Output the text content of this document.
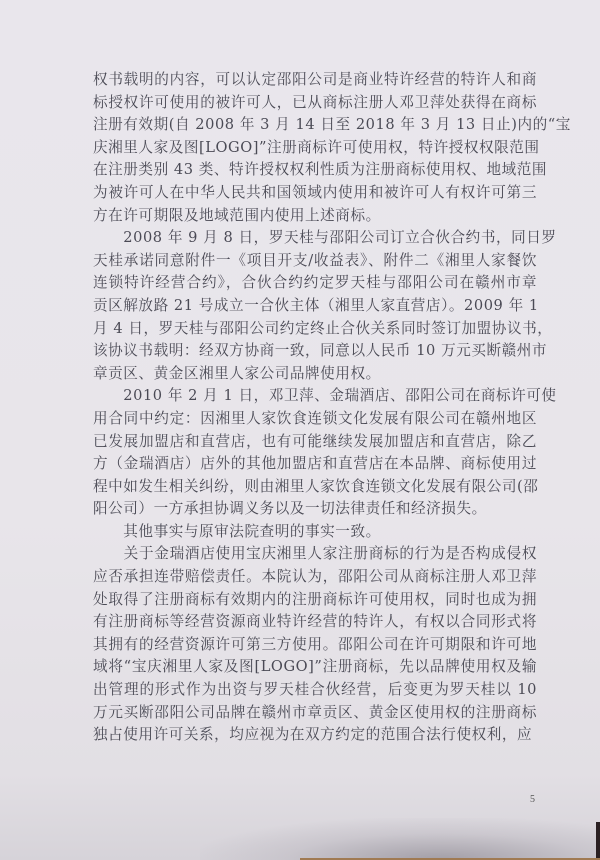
权书载明的内容，可以认定邵阳公司是商业特许经营的特许人和商
标授权许可使用的被许可人，已从商标注册人邓卫萍处获得在商标
注册有效期(自 2008 年 3 月 14 日至 2018 年 3 月 13 日止)内的“宝
庆湘里人家及图[LOGO]”注册商标许可使用权，特许授权权限范围
在注册类别 43 类、特许授权权利性质为注册商标使用权、地域范围
为被许可人在中华人民共和国领域内使用和被许可人有权许可第三
方在许可期限及地域范围内使用上述商标。

　　2008 年 9 月 8 日，罗天桂与邵阳公司订立合伙合约书，同日罗
天桂承诺同意附件一《项目开支/收益表》、附件二《湘里人家餐饮
连锁特许经营合约》，合伙合约约定罗天桂与邵阳公司在赣州市章
贡区解放路 21 号成立一合伙主体（湘里人家直营店）。2009 年 1
月 4 日，罗天桂与邵阳公司约定终止合伙关系同时签订加盟协议书，
该协议书载明：经双方协商一致，同意以人民币 10 万元买断赣州市
章贡区、黄金区湘里人家公司品牌使用权。

　　2010 年 2 月 1 日，邓卫萍、金瑞酒店、邵阳公司在商标许可使
用合同中约定：因湘里人家饮食连锁文化发展有限公司在赣州地区
已发展加盟店和直营店，也有可能继续发展加盟店和直营店，除乙
方（金瑞酒店）店外的其他加盟店和直营店在本品牌、商标使用过
程中如发生相关纠纷，则由湘里人家饮食连锁文化发展有限公司(邵
阳公司）一方承担协调义务以及一切法律责任和经济损失。

　　其他事实与原审法院查明的事实一致。

　　关于金瑞酒店使用宝庆湘里人家注册商标的行为是否构成侵权
应否承担连带赔偿责任。本院认为，邵阳公司从商标注册人邓卫萍
处取得了注册商标有效期内的注册商标许可使用权，同时也成为拥
有注册商标等经营资源商业特许经营的特许人，有权以合同形式将
其拥有的经营资源许可第三方使用。邵阳公司在许可期限和许可地
域将“宝庆湘里人家及图[LOGO]”注册商标，先以品牌使用权及输
出管理的形式作为出资与罗天桂合伙经营，后变更为罗天桂以 10
万元买断邵阳公司品牌在赣州市章贡区、黄金区使用权的注册商标
独占使用许可关系，均应视为在双方约定的范围合法行使权利，应

5
